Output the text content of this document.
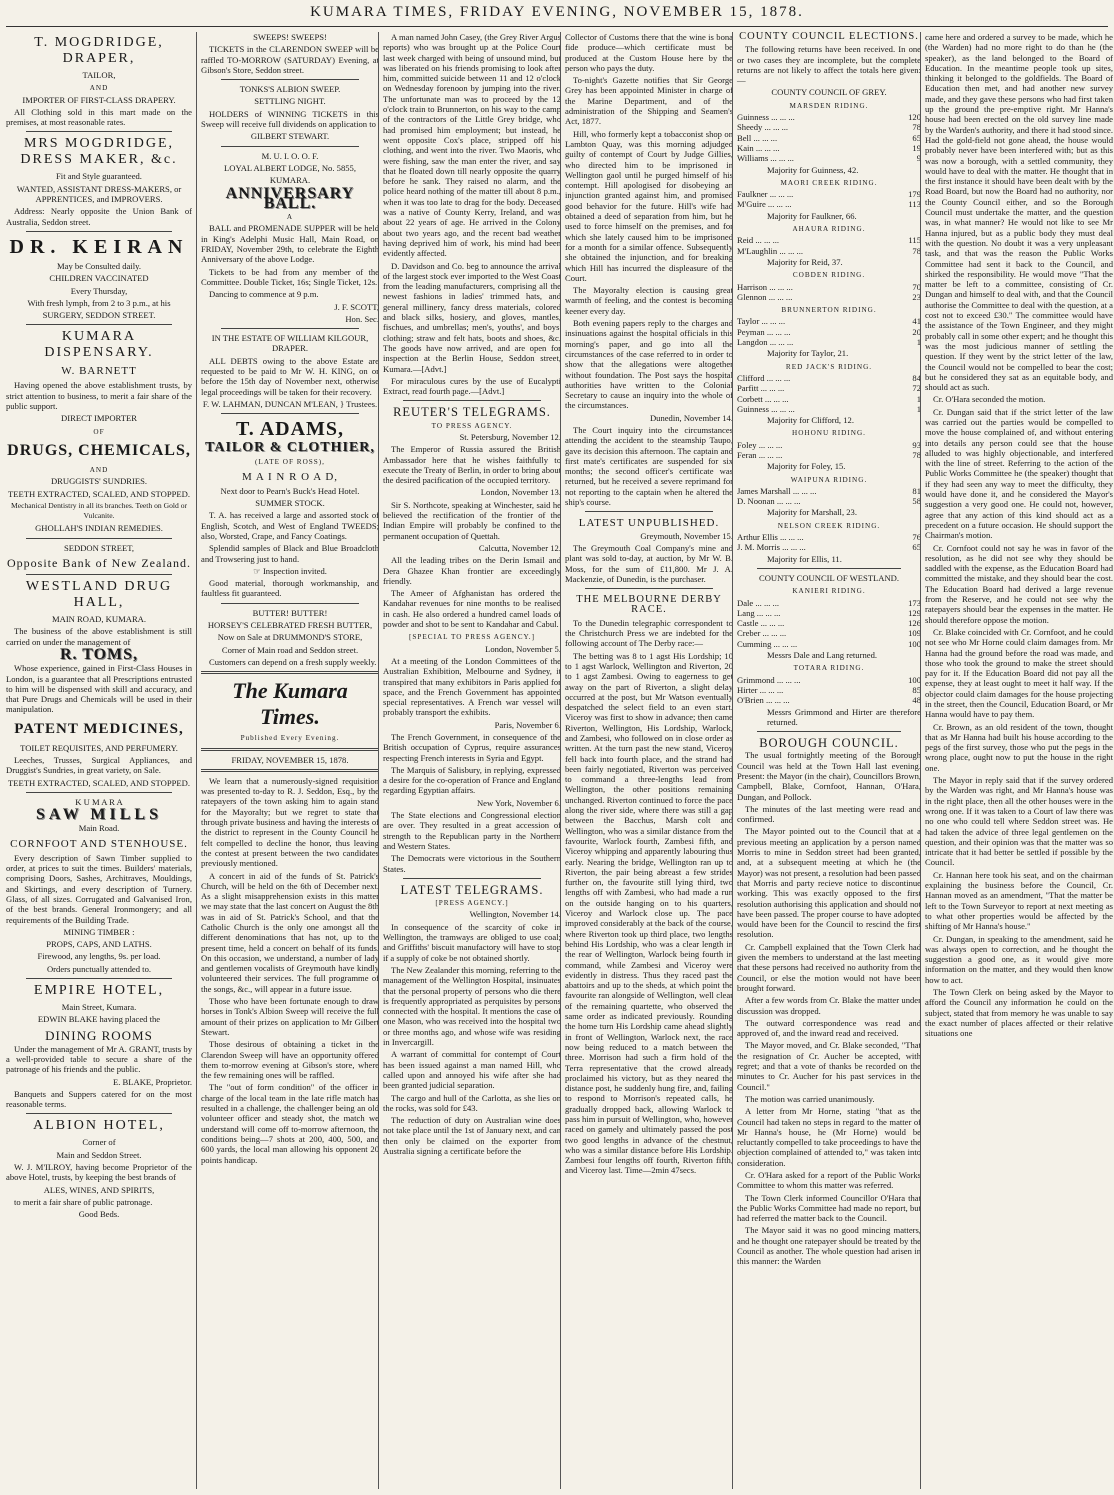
KUMARA TIMES, FRIDAY EVENING, NOVEMBER 15, 1878.

T. MOGDRIDGE, DRAPER,

TAILOR,

AND

IMPORTER OF FIRST-CLASS DRAPERY.

All Clothing sold in this mart made on the premises, at most reasonable rates.

MRS MOGDRIDGE, DRESS MAKER, &c.

Fit and Style guaranteed.

WANTED, ASSISTANT DRESS-MAKERS, or APPRENTICES, and IMPROVERS.

Address: Nearly opposite the Union Bank of Australia, Seddon street.

DR. KEIRAN

May be Consulted daily.

CHILDREN VACCINATED

Every Thursday,

With fresh lymph, from 2 to 3 p.m., at his

SURGERY, SEDDON STREET.

KUMARA DISPENSARY.

W. BARNETT

Having opened the above establishment trusts, by strict attention to business, to merit a fair share of the public support.

DIRECT IMPORTER

OF

DRUGS, CHEMICALS,

AND

DRUGGISTS' SUNDRIES.

TEETH EXTRACTED, SCALED, AND STOPPED.

Mechanical Dentistry in all its branches. Teeth on Gold or Vulcanite.

GHOLLAH'S INDIAN REMEDIES.

SEDDON STREET,

Opposite Bank of New Zealand.

WESTLAND DRUG HALL,

MAIN ROAD, KUMARA.

The business of the above establishment is still carried on under the management of

R. TOMS,

Whose experience, gained in First-Class Houses in London, is a guarantee that all Prescriptions entrusted to him will be dispensed with skill and accuracy, and that Pure Drugs and Chemicals will be used in their manipulation.

PATENT MEDICINES,

TOILET REQUISITES, AND PERFUMERY.

Leeches, Trusses, Surgical Appliances, and Druggist's Sundries, in great variety, on Sale.

TEETH EXTRACTED, SCALED, AND STOPPED.

K U M A R A

SAW MILLS

Main Road.

CORNFOOT AND STENHOUSE.

Every description of Sawn Timber supplied to order, at prices to suit the times. Builders' materials, comprising Doors, Sashes, Architraves, Mouldings, and Skirtings, and every description of Turnery. Glass, of all sizes. Corrugated and Galvanised Iron, of the best brands. General Ironmongery; and all requirements of the Building Trade.

MINING TIMBER :

PROPS, CAPS, AND LATHS.

Firewood, any lengths, 9s. per load.

Orders punctually attended to.

EMPIRE HOTEL,

Main Street, Kumara.

EDWIN BLAKE having placed the

DINING ROOMS

Under the management of Mr A. GRANT, trusts by a well-provided table to secure a share of the patronage of his friends and the public.

E. BLAKE, Proprietor.

Banquets and Suppers catered for on the most reasonable terms.

ALBION HOTEL,

Corner of

Main and Seddon Street.

W. J. M'ILROY, having become Proprietor of the above Hotel, trusts, by keeping the best brands of

ALES, WINES, AND SPIRITS,

to merit a fair share of public patronage.

Good Beds.

SWEEPS! SWEEPS!

TICKETS in the CLARENDON SWEEP will be raffled TO-MORROW (SATURDAY) Evening, at Gibson's Store, Seddon street.

TONKS'S ALBION SWEEP.

SETTLING NIGHT.

HOLDERS of WINNING TICKETS in this Sweep will receive full dividends on application to

GILBERT STEWART.

M. U. I. O. O. F.

LOYAL ALBERT LODGE, No. 5855,

KUMARA.

ANNIVERSARY BALL.

A

BALL and PROMENADE SUPPER will be held in King's Adelphi Music Hall, Main Road, on FRIDAY, November 29th, to celebrate the Eighth Anniversary of the above Lodge.

Tickets to be had from any member of the Committee. Double Ticket, 16s; Single Ticket, 12s.

Dancing to commence at 9 p.m.

J. F. SCOTT,

Hon. Sec.

IN THE ESTATE OF WILLIAM KILGOUR, DRAPER.

ALL DEBTS owing to the above Estate are requested to be paid to Mr W. H. KING, on or before the 15th day of November next, otherwise legal proceedings will be taken for their recovery.

F. W. LAHMAN, DUNCAN M'LEAN, } Trustees.

T. ADAMS,

TAILOR & CLOTHIER,

(LATE OF ROSS),

M A I N R O A D,

Next door to Pearn's Buck's Head Hotel.

SUMMER STOCK.

T. A. has received a large and assorted stock of English, Scotch, and West of England TWEEDS; also, Worsted, Crape, and Fancy Coatings.

Splendid samples of Black and Blue Broadcloth and Trowsering just to hand.

☞ Inspection invited.

Good material, thorough workmanship, and faultless fit guaranteed.

BUTTER! BUTTER!

HORSEY'S CELEBRATED FRESH BUTTER,

Now on Sale at DRUMMOND'S STORE,

Corner of Main road and Seddon street.

Customers can depend on a fresh supply weekly.

The Kumara Times.

Published Every Evening.

FRIDAY, NOVEMBER 15, 1878.

We learn that a numerously-signed requisition was presented to-day to R. J. Seddon, Esq., by the ratepayers of the town asking him to again stand for the Mayoralty; but we regret to state that through private business and having the interests of the district to represent in the County Council he felt compelled to decline the honor, thus leaving the contest at present between the two candidates previously mentioned.

A concert in aid of the funds of St. Patrick's Church, will be held on the 6th of December next. As a slight misapprehension exists in this matter we may state that the last concert on August the 8th was in aid of St. Patrick's School, and that the Catholic Church is the only one amongst all the different denominations that has not, up to the present time, held a concert on behalf of its funds. On this occasion, we understand, a number of lady and gentlemen vocalists of Greymouth have kindly volunteered their services. The full programme of the songs, &c., will appear in a future issue.

Those who have been fortunate enough to draw horses in Tonk's Albion Sweep will receive the full amount of their prizes on application to Mr Gilbert Stewart.

Those desirous of obtaining a ticket in the Clarendon Sweep will have an opportunity offered them to-morrow evening at Gibson's store, where the few remaining ones will be raffled.

The "out of form condition" of the officer in charge of the local team in the late rifle match has resulted in a challenge, the challenger being an old volunteer officer and steady shot, the match we understand will come off to-morrow afternoon, the conditions being—7 shots at 200, 400, 500, and 600 yards, the local man allowing his opponent 20 points handicap.

A man named John Casey, (the Grey River Argus reports) who was brought up at the Police Court last week charged with being of unsound mind, but was liberated on his friends promising to look after him, committed suicide between 11 and 12 o'clock on Wednesday forenoon by jumping into the river. The unfortunate man was to proceed by the 12 o'clock train to Brunnerton, on his way to the camp of the contractors of the Little Grey bridge, who had promised him employment; but instead, he went opposite Cox's place, stripped off his clothing, and went into the river. Two Maoris, who were fishing, saw the man enter the river, and say that he floated down till nearly opposite the quarry before he sank. They raised no alarm, and the police heard nothing of the matter till about 8 p.m., when it was too late to drag for the body. Deceased was a native of County Kerry, Ireland, and was about 22 years of age. He arrived in the Colony about two years ago, and the recent bad weather having deprived him of work, his mind had been evidently affected.

D. Davidson and Co. beg to announce the arrival of the largest stock ever imported to the West Coast from the leading manufacturers, comprising all the newest fashions in ladies' trimmed hats, and general millinery, fancy dress materials, colored and black silks, hosiery, and gloves, mantles, fischues, and umbrellas; men's, youths', and boys' clothing; straw and felt hats, boots and shoes, &c. The goods have now arrived, and are open for inspection at the Berlin House, Seddon street, Kumara.—[Advt.]

For miraculous cures by the use of Eucalypti Extract, read fourth page.—[Advt.]

REUTER'S TELEGRAMS.

TO PRESS AGENCY.

St. Petersburg, November 12.

The Emperor of Russia assured the British Ambassador here that he wishes faithfully to execute the Treaty of Berlin, in order to bring about the desired pacification of the occupied territory.

London, November 13.

Sir S. Northcote, speaking at Winchester, said he believed the rectification of the frontier of the Indian Empire will probably be confined to the permanent occupation of Quettah.

Calcutta, November 12.

All the leading tribes on the Derin Ismail and Dera Ghazee Khan frontier are exceedingly friendly.

The Ameer of Afghanistan has ordered the Kandahar revenues for nine months to be realised in cash. He also ordered a hundred camel loads of powder and shot to be sent to Kandahar and Cabul.

[SPECIAL TO PRESS AGENCY.]

London, November 5.

At a meeting of the London Committees of the Australian Exhibition, Melbourne and Sydney, it transpired that many exhibitors in Paris applied for space, and the French Government has appointed special representatives. A French war vessel will probably transport the exhibits.

Paris, November 6.

The French Government, in consequence of the British occupation of Cyprus, require assurances respecting French interests in Syria and Egypt.

The Marquis of Salisbury, in replying, expressed a desire for the co-operation of France and England regarding Egyptian affairs.

New York, November 6.

The State elections and Congressional election are over. They resulted in a great accession of strength to the Republican party in the Northern and Western States.

The Democrats were victorious in the Southern States.

LATEST TELEGRAMS.

[PRESS AGENCY.]

Wellington, November 14.

In consequence of the scarcity of coke in Wellington, the tramways are obliged to use coal; and Griffiths' biscuit manufactory will have to stop if a supply of coke be not obtained shortly.

The New Zealander this morning, referring to the management of the Wellington Hospital, insinuates that the personal property of persons who die there is frequently appropriated as perquisites by persons connected with the hospital. It mentions the case of one Mason, who was received into the hospital two or three months ago, and whose wife was residing in Invercargill.

A warrant of committal for contempt of Court has been issued against a man named Hill, who called upon and annoyed his wife after she had been granted judicial separation.

The cargo and hull of the Carlotta, as she lies on the rocks, was sold for £43.

The reduction of duty on Australian wine does not take place until the 1st of January next, and can then only be claimed on the exporter from Australia signing a certificate before the

Collector of Customs there that the wine is bona fide produce—which certificate must be produced at the Custom House here by the person who pays the duty.

To-night's Gazette notifies that Sir George Grey has been appointed Minister in charge of the Marine Department, and of the administration of the Shipping and Seamen's Act, 1877.

Hill, who formerly kept a tobacconist shop on Lambton Quay, was this morning adjudged guilty of contempt of Court by Judge Gillies, who directed him to be imprisoned in Wellington gaol until he purged himself of his contempt. Hill apologised for disobeying an injunction granted against him, and promised good behavior for the future. Hill's wife had obtained a deed of separation from him, but he used to force himself on the premises, and for which she lately caused him to be imprisoned for a month for a similar offence. Subsequently she obtained the injunction, and for breaking which Hill has incurred the displeasure of the Court.

The Mayoralty election is causing great warmth of feeling, and the contest is becoming keener every day.

Both evening papers reply to the charges and insinuations against the hospital officials in this morning's paper, and go into all the circumstances of the case referred to in order to show that the allegations were altogether without foundation. The Post says the hospital authorities have written to the Colonial Secretary to cause an inquiry into the whole of the circumstances.

Dunedin, November 14.

The Court inquiry into the circumstances attending the accident to the steamship Taupo, gave its decision this afternoon. The captain and first mate's certificates are suspended for six months; the second officer's certificate was returned, but he received a severe reprimand for not reporting to the captain when he altered the ship's course.

LATEST UNPUBLISHED.

Greymouth, November 15.

The Greymouth Coal Company's mine and plant was sold to-day, at auction, by Mr W. B. Moss, for the sum of £11,800. Mr J. A. Mackenzie, of Dunedin, is the purchaser.

THE MELBOURNE DERBY RACE.

To the Dunedin telegraphic correspondent to the Christchurch Press we are indebted for the following account of The Derby race:—

The betting was 8 to 1 agst His Lordship; 10 to 1 agst Warlock, Wellington and Riverton, 20 to 1 agst Zambesi. Owing to eagerness to get away on the part of Riverton, a slight delay occurred at the post, but Mr Watson eventually despatched the select field to an even start. Viceroy was first to show in advance; then came Riverton, Wellington, His Lordship, Warlock, and Zambesi, who followed on in close order as written. At the turn past the new stand, Viceroy fell back into fourth place, and the strand had been fairly negotiated, Riverton was perceived to command a three-lengths lead from Wellington, the other positions remaining unchanged. Riverton continued to force the pace along the river side, where there was still a gap between the Bacchus, Marsh colt and Wellington, who was a similar distance from the favourite, Warlock fourth, Zambesi fifth, and Viceroy whipping and apparently labouring thus early. Nearing the bridge, Wellington ran up to Riverton, the pair being abreast a few strides further on, the favourite still lying third, two lengths off with Zambesi, who had made a run on the outside hanging on to his quarters, Viceroy and Warlock close up. The pace improved considerably at the back of the course, where Riverton took up third place, two lengths behind His Lordship, who was a clear length in the rear of Wellington, Warlock being fourth in command, while Zambesi and Viceroy were evidently in distress. Thus they raced past the abattoirs and up to the sheds, at which point the favourite ran alongside of Wellington, well clear of the remaining quartette, who observed the same order as indicated previously. Rounding the home turn His Lordship came ahead slightly in front of Wellington, Warlock next, the race now being reduced to a match between the three. Morrison had such a firm hold of the Terra representative that the crowd already proclaimed his victory, but as they neared the distance post, he suddenly hung fire, and, failing to respond to Morrison's repeated calls, he gradually dropped back, allowing Warlock to pass him in pursuit of Wellington, who, however raced on gamely and ultimately passed the post two good lengths in advance of the chestnut, who was a similar distance before His Lordship. Zambesi four lengths off fourth, Riverton fifth, and Viceroy last. Time—2min 47secs.

COUNTY COUNCIL ELECTIONS.

The following returns have been received. In one or two cases they are incomplete, but the complete returns are not likely to affect the totals here given:—

COUNTY COUNCIL OF GREY.

MARSDEN RIDING.

Guinness ... ... ...	120
Sheedy ... ... ...	78
Bell ... ... ...	65
Kain ... ... ...	19
Williams ... ... ...	9

Majority for Guinness, 42.

MAORI CREEK RIDING.

Faulkner ... ... ...	179
M'Guire ... ... ...	113

Majority for Faulkner, 66.

AHAURA RIDING.

Reid ... ... ...	115
M'Laughlin ... ... ...	78

Majority for Reid, 37.

COBDEN RIDING.

Harrison ... ... ...	70
Glennon ... ... ...	23

BRUNNERTON RIDING.

Taylor ... ... ...	41
Peyman ... ... ...	20
Langdon ... ... ...	1

Majority for Taylor, 21.

RED JACK'S RIDING.

Clifford ... ... ...	84
Parfitt ... ... ...	72
Corbett ... ... ...	1
Guinness ... ... ...	1

Majority for Clifford, 12.

HOHONU RIDING.

Foley ... ... ...	93
Feran ... ... ...	78

Majority for Foley, 15.

WAIPUNA RIDING.

James Marshall ... ... ...	81
D. Noonan ... ... ...	58

Majority for Marshall, 23.

NELSON CREEK RIDING.

Arthur Ellis ... ... ...	76
J. M. Morris ... ... ...	65

Majority for Ellis, 11.

COUNTY COUNCIL OF WESTLAND.

KANIERI RIDING.

Dale ... ... ...	173
Lang ... ... ...	129
Castle ... ... ...	126
Creber ... ... ...	109
Cumming ... ... ...	100

Messrs Dale and Lang returned.

TOTARA RIDING.

Grimmond ... ... ...	100
Hirter ... ... ...	85
O'Brien ... ... ...	48

Messrs Grimmond and Hirter are therefore returned.

BOROUGH COUNCIL.

The usual fortnightly meeting of the Borough Council was held at the Town Hall last evening. Present: the Mayor (in the chair), Councillors Brown, Campbell, Blake, Cornfoot, Hannan, O'Hara, Dungan, and Pollock.

The minutes of the last meeting were read and confirmed.

The Mayor pointed out to the Council that at a previous meeting an application by a person named Morris to mine in Seddon street had been granted, and, at a subsequent meeting at which he (the Mayor) was not present, a resolution had been passed that Morris and party recieve notice to discontinue working. This was exactly opposed to the first resolution authorising this application and should not have been passed. The proper course to have adopted would have been for the Council to rescind the first resolution.

Cr. Campbell explained that the Town Clerk had given the members to understand at the last meeting that these persons had received no authority from the Council, or else the motion would not have been brought forward.

After a few words from Cr. Blake the matter under discussion was dropped.

The outward correspondence was read and approved of, and the inward read and received.

The Mayor moved, and Cr. Blake seconded, "That the resignation of Cr. Aucher be accepted, with regret; and that a vote of thanks be recorded on the minutes to Cr. Aucher for his past services in the Council."

The motion was carried unanimously.

A letter from Mr Horne, stating "that as the Council had taken no steps in regard to the matter of Mr Hanna's house, he (Mr Horne) would be reluctantly compelled to take proceedings to have the objection complained of attended to," was taken into consideration.

Cr. O'Hara asked for a report of the Public Works Committee to whom this matter was referred.

The Town Clerk informed Councillor O'Hara that the Public Works Committee had made no report, but had referred the matter back to the Council.

The Mayor said it was no good mincing matters, and he thought one ratepayer should be treated by the Council as another. The whole question had arisen in this manner: the Warden

came here and ordered a survey to be made, which he (the Warden) had no more right to do than he (the speaker), as the land belonged to the Board of Education. In the meantime people took up sites, thinking it belonged to the goldfields. The Board of Education then met, and had another new survey made, and they gave these persons who had first taken up the ground the pre-emptive right. Mr Hanna's house had been erected on the old survey line made by the Warden's authority, and there it had stood since. Had the gold-field not gone ahead, the house would probably never have been interfered with; but as this was now a borough, with a settled community, they would have to deal with the matter. He thought that in the first instance it should have been dealt with by the Road Board, but now the Board had no authority, nor the County Council either, and so the Borough Council must undertake the matter, and the question was, in what manner? He would not like to see Mr Hanna injured, but as a public body they must deal with the question. No doubt it was a very unpleasant task, and that was the reason the Public Works Committee had sent it back to the Council, and shirked the responsibility. He would move "That the matter be left to a committee, consisting of Cr. Dungan and himself to deal with, and that the Council authorise the Committee to deal with the question, at a cost not to exceed £30." The committee would have the assistance of the Town Engineer, and they might probably call in some other expert; and he thought this was the most judicious manner of settling the question. If they went by the strict letter of the law, the Council would not be compelled to bear the cost; but he considered they sat as an equitable body, and should act as such.

Cr. O'Hara seconded the motion.

Cr. Dungan said that if the strict letter of the law was carried out the parties would be compelled to move the house complained of, and without entering into details any person could see that the house alluded to was highly objectionable, and interfered with the line of street. Referring to the action of the Public Works Committee he (the speaker) thought that if they had seen any way to meet the difficulty, they would have done it, and he considered the Mayor's suggestion a very good one. He could not, however, agree that any action of this kind should act as a precedent on a future occasion. He should support the Chairman's motion.

Cr. Cornfoot could not say he was in favor of the resolution, as he did not see why they should be saddled with the expense, as the Education Board had committed the mistake, and they should bear the cost. The Education Board had derived a large revenue from the Reserve, and he could not see why the ratepayers should bear the expenses in the matter. He should therefore oppose the motion.

Cr. Blake coincided with Cr. Cornfoot, and he could not see who Mr Horne could claim damages from. Mr Hanna had the ground before the road was made, and those who took the ground to make the street should pay for it. If the Education Board did not pay all the expense, they at least ought to meet it half way. If the objector could claim damages for the house projecting in the street, then the Council, Education Board, or Mr Hanna would have to pay them.

Cr. Brown, as an old resident of the town, thought that as Mr Hanna had built his house according to the pegs of the first survey, those who put the pegs in the wrong place, ought now to put the house in the right one.

The Mayor in reply said that if the survey ordered by the Warden was right, and Mr Hanna's house was in the right place, then all the other houses were in the wrong one. If it was taken to a Court of law there was no one who could tell where Seddon street was. He had taken the advice of three legal gentlemen on the question, and their opinion was that the matter was so intricate that it had better be settled if possible by the Council.

Cr. Hannan here took his seat, and on the chairman explaining the business before the Council, Cr. Hannan moved as an amendment, "That the matter be left to the Town Surveyor to report at next meeting as to what other properties would be affected by the shifting of Mr Hanna's house."

Cr. Dungan, in speaking to the amendment, said he was always open to correction, and he thought the suggestion a good one, as it would give more information on the matter, and they would then know how to act.

The Town Clerk on being asked by the Mayor to afford the Council any information he could on the subject, stated that from memory he was unable to say the exact number of places affected or their relative situations one
